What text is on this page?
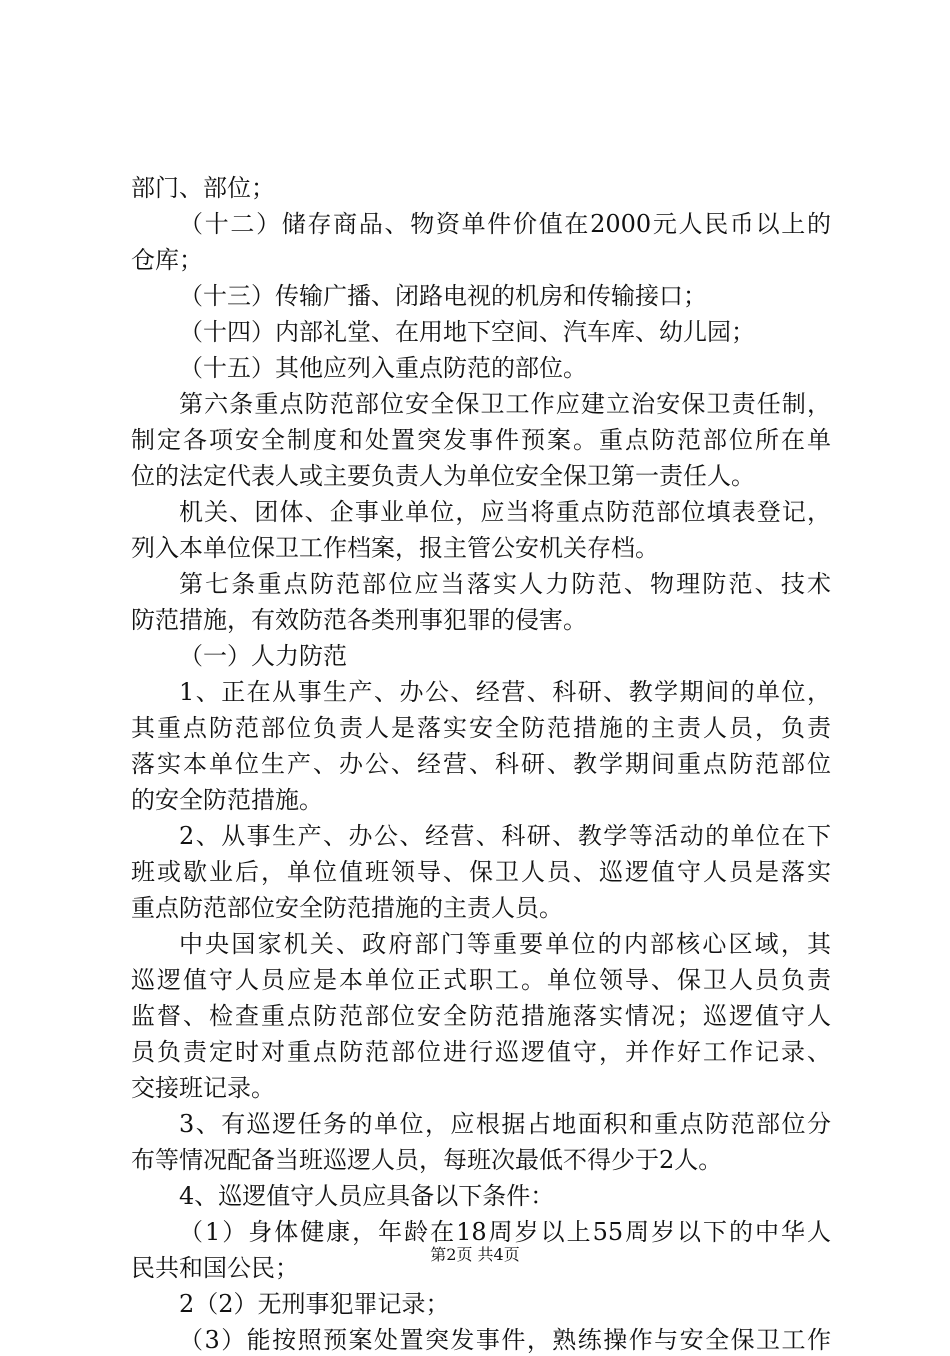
部门、部位；
（十二）储存商品、物资单件价值在2000元人民币以上的
仓库；
（十三）传输广播、闭路电视的机房和传输接口；
（十四）内部礼堂、在用地下空间、汽车库、幼儿园；
（十五）其他应列入重点防范的部位。
第六条重点防范部位安全保卫工作应建立治安保卫责任制，
制定各项安全制度和处置突发事件预案。重点防范部位所在单
位的法定代表人或主要负责人为单位安全保卫第一责任人。
机关、团体、企事业单位，应当将重点防范部位填表登记，
列入本单位保卫工作档案，报主管公安机关存档。
第七条重点防范部位应当落实人力防范、物理防范、技术
防范措施，有效防范各类刑事犯罪的侵害。
（一）人力防范
1、正在从事生产、办公、经营、科研、教学期间的单位，
其重点防范部位负责人是落实安全防范措施的主责人员，负责
落实本单位生产、办公、经营、科研、教学期间重点防范部位
的安全防范措施。
2、从事生产、办公、经营、科研、教学等活动的单位在下
班或歇业后，单位值班领导、保卫人员、巡逻值守人员是落实
重点防范部位安全防范措施的主责人员。
中央国家机关、政府部门等重要单位的内部核心区域，其
巡逻值守人员应是本单位正式职工。单位领导、保卫人员负责
监督、检查重点防范部位安全防范措施落实情况；巡逻值守人
员负责定时对重点防范部位进行巡逻值守，并作好工作记录、
交接班记录。
3、有巡逻任务的单位，应根据占地面积和重点防范部位分
布等情况配备当班巡逻人员，每班次最低不得少于2人。
4、巡逻值守人员应具备以下条件：
（1）身体健康，年龄在18周岁以上55周岁以下的中华人
民共和国公民；
2（2）无刑事犯罪记录；
（3）能按照预案处置突发事件，熟练操作与安全保卫工作
第2页 共4页
